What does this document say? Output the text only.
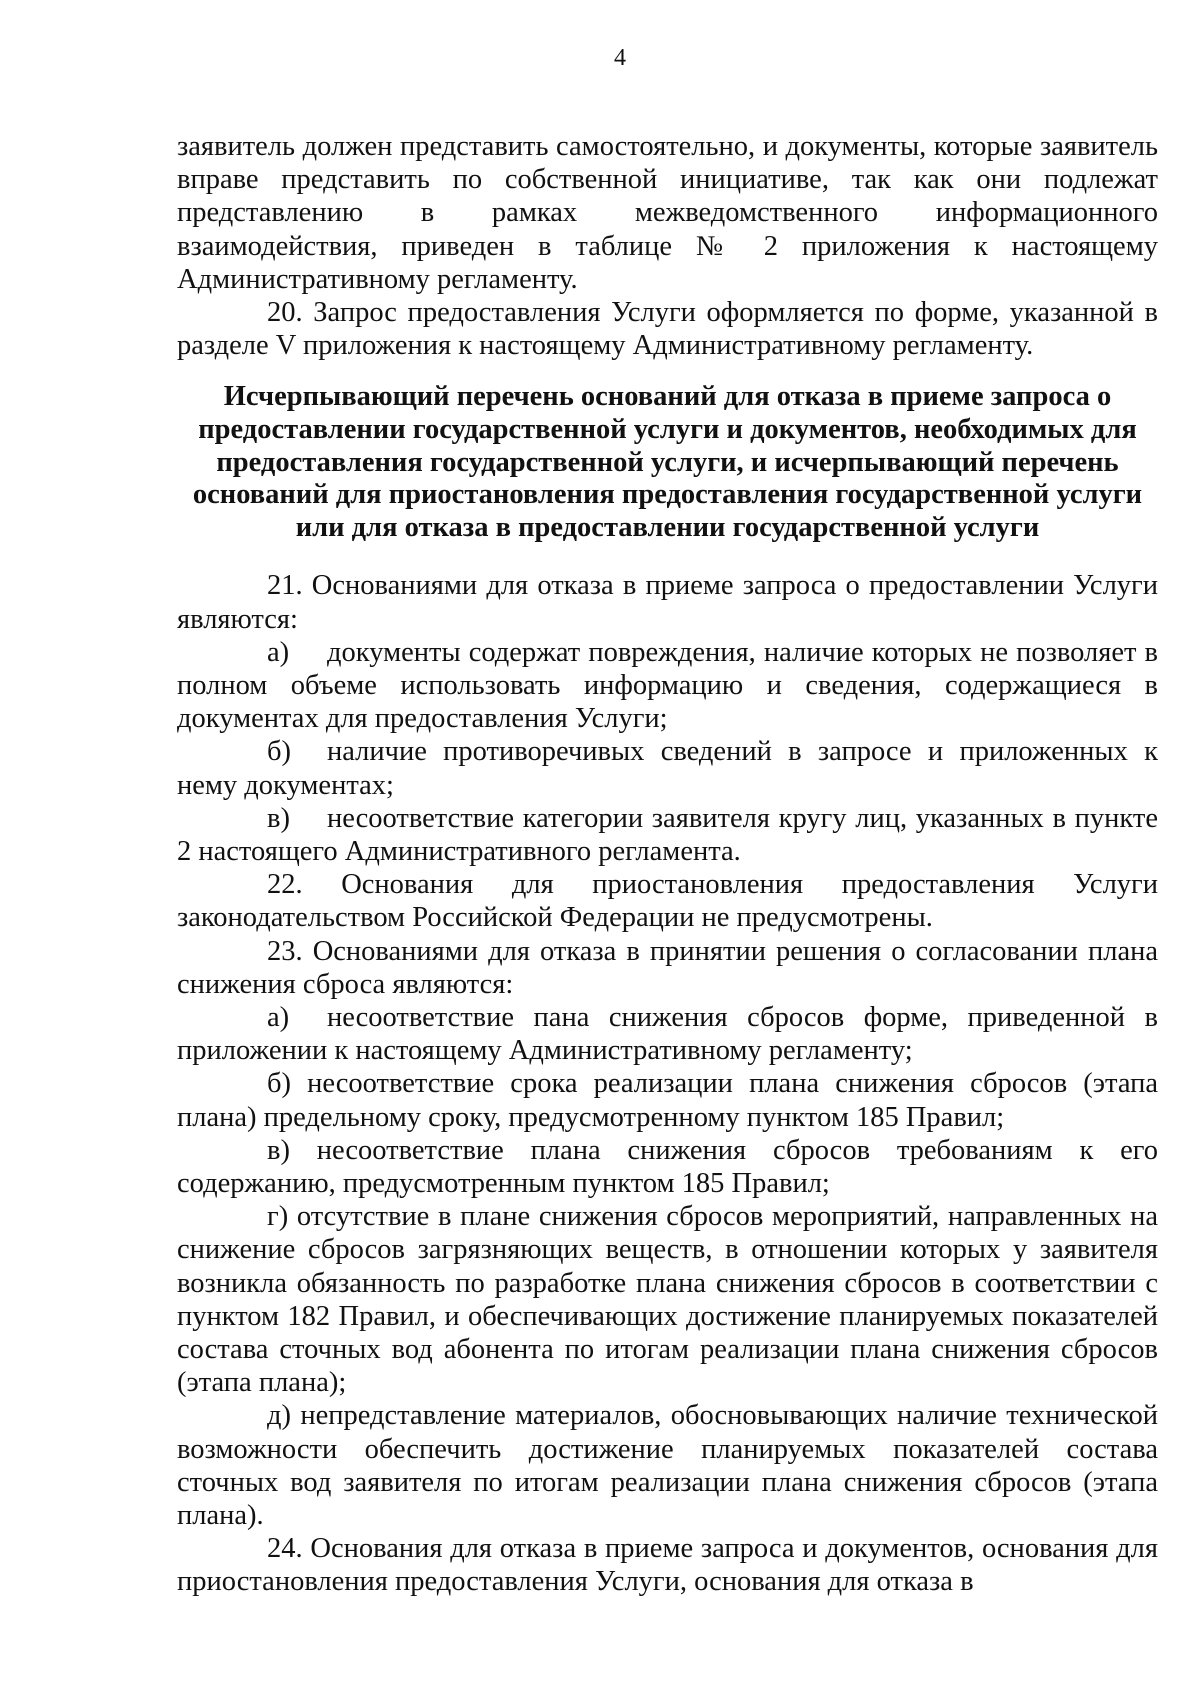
4

заявитель должен представить самостоятельно, и документы, которые заявитель вправе представить по собственной инициативе, так как они подлежат представлению в рамках межведомственного информационного взаимодействия, приведен в таблице № 2 приложения к настоящему Административному регламенту.

20. Запрос предоставления Услуги оформляется по форме, указанной в разделе V приложения к настоящему Административному регламенту.

Исчерпывающий перечень оснований для отказа в приеме запроса о предоставлении государственной услуги и документов, необходимых для предоставления государственной услуги, и исчерпывающий перечень оснований для приостановления предоставления государственной услуги или для отказа в предоставлении государственной услуги

21. Основаниями для отказа в приеме запроса о предоставлении Услуги являются:

а) документы содержат повреждения, наличие которых не позволяет в полном объеме использовать информацию и сведения, содержащиеся в документах для предоставления Услуги;

б) наличие противоречивых сведений в запросе и приложенных к нему документах;

в) несоответствие категории заявителя кругу лиц, указанных в пункте 2 настоящего Административного регламента.

22. Основания для приостановления предоставления Услуги законодательством Российской Федерации не предусмотрены.

23. Основаниями для отказа в принятии решения о согласовании плана снижения сброса являются:

а) несоответствие пана снижения сбросов форме, приведенной в приложении к настоящему Административному регламенту;

б) несоответствие срока реализации плана снижения сбросов (этапа плана) предельному сроку, предусмотренному пунктом 185 Правил;

в) несоответствие плана снижения сбросов требованиям к его содержанию, предусмотренным пунктом 185 Правил;

г) отсутствие в плане снижения сбросов мероприятий, направленных на снижение сбросов загрязняющих веществ, в отношении которых у заявителя возникла обязанность по разработке плана снижения сбросов в соответствии с пунктом 182 Правил, и обеспечивающих достижение планируемых показателей состава сточных вод абонента по итогам реализации плана снижения сбросов (этапа плана);

д) непредставление материалов, обосновывающих наличие технической возможности обеспечить достижение планируемых показателей состава сточных вод заявителя по итогам реализации плана снижения сбросов (этапа плана).

24. Основания для отказа в приеме запроса и документов, основания для приостановления предоставления Услуги, основания для отказа в
